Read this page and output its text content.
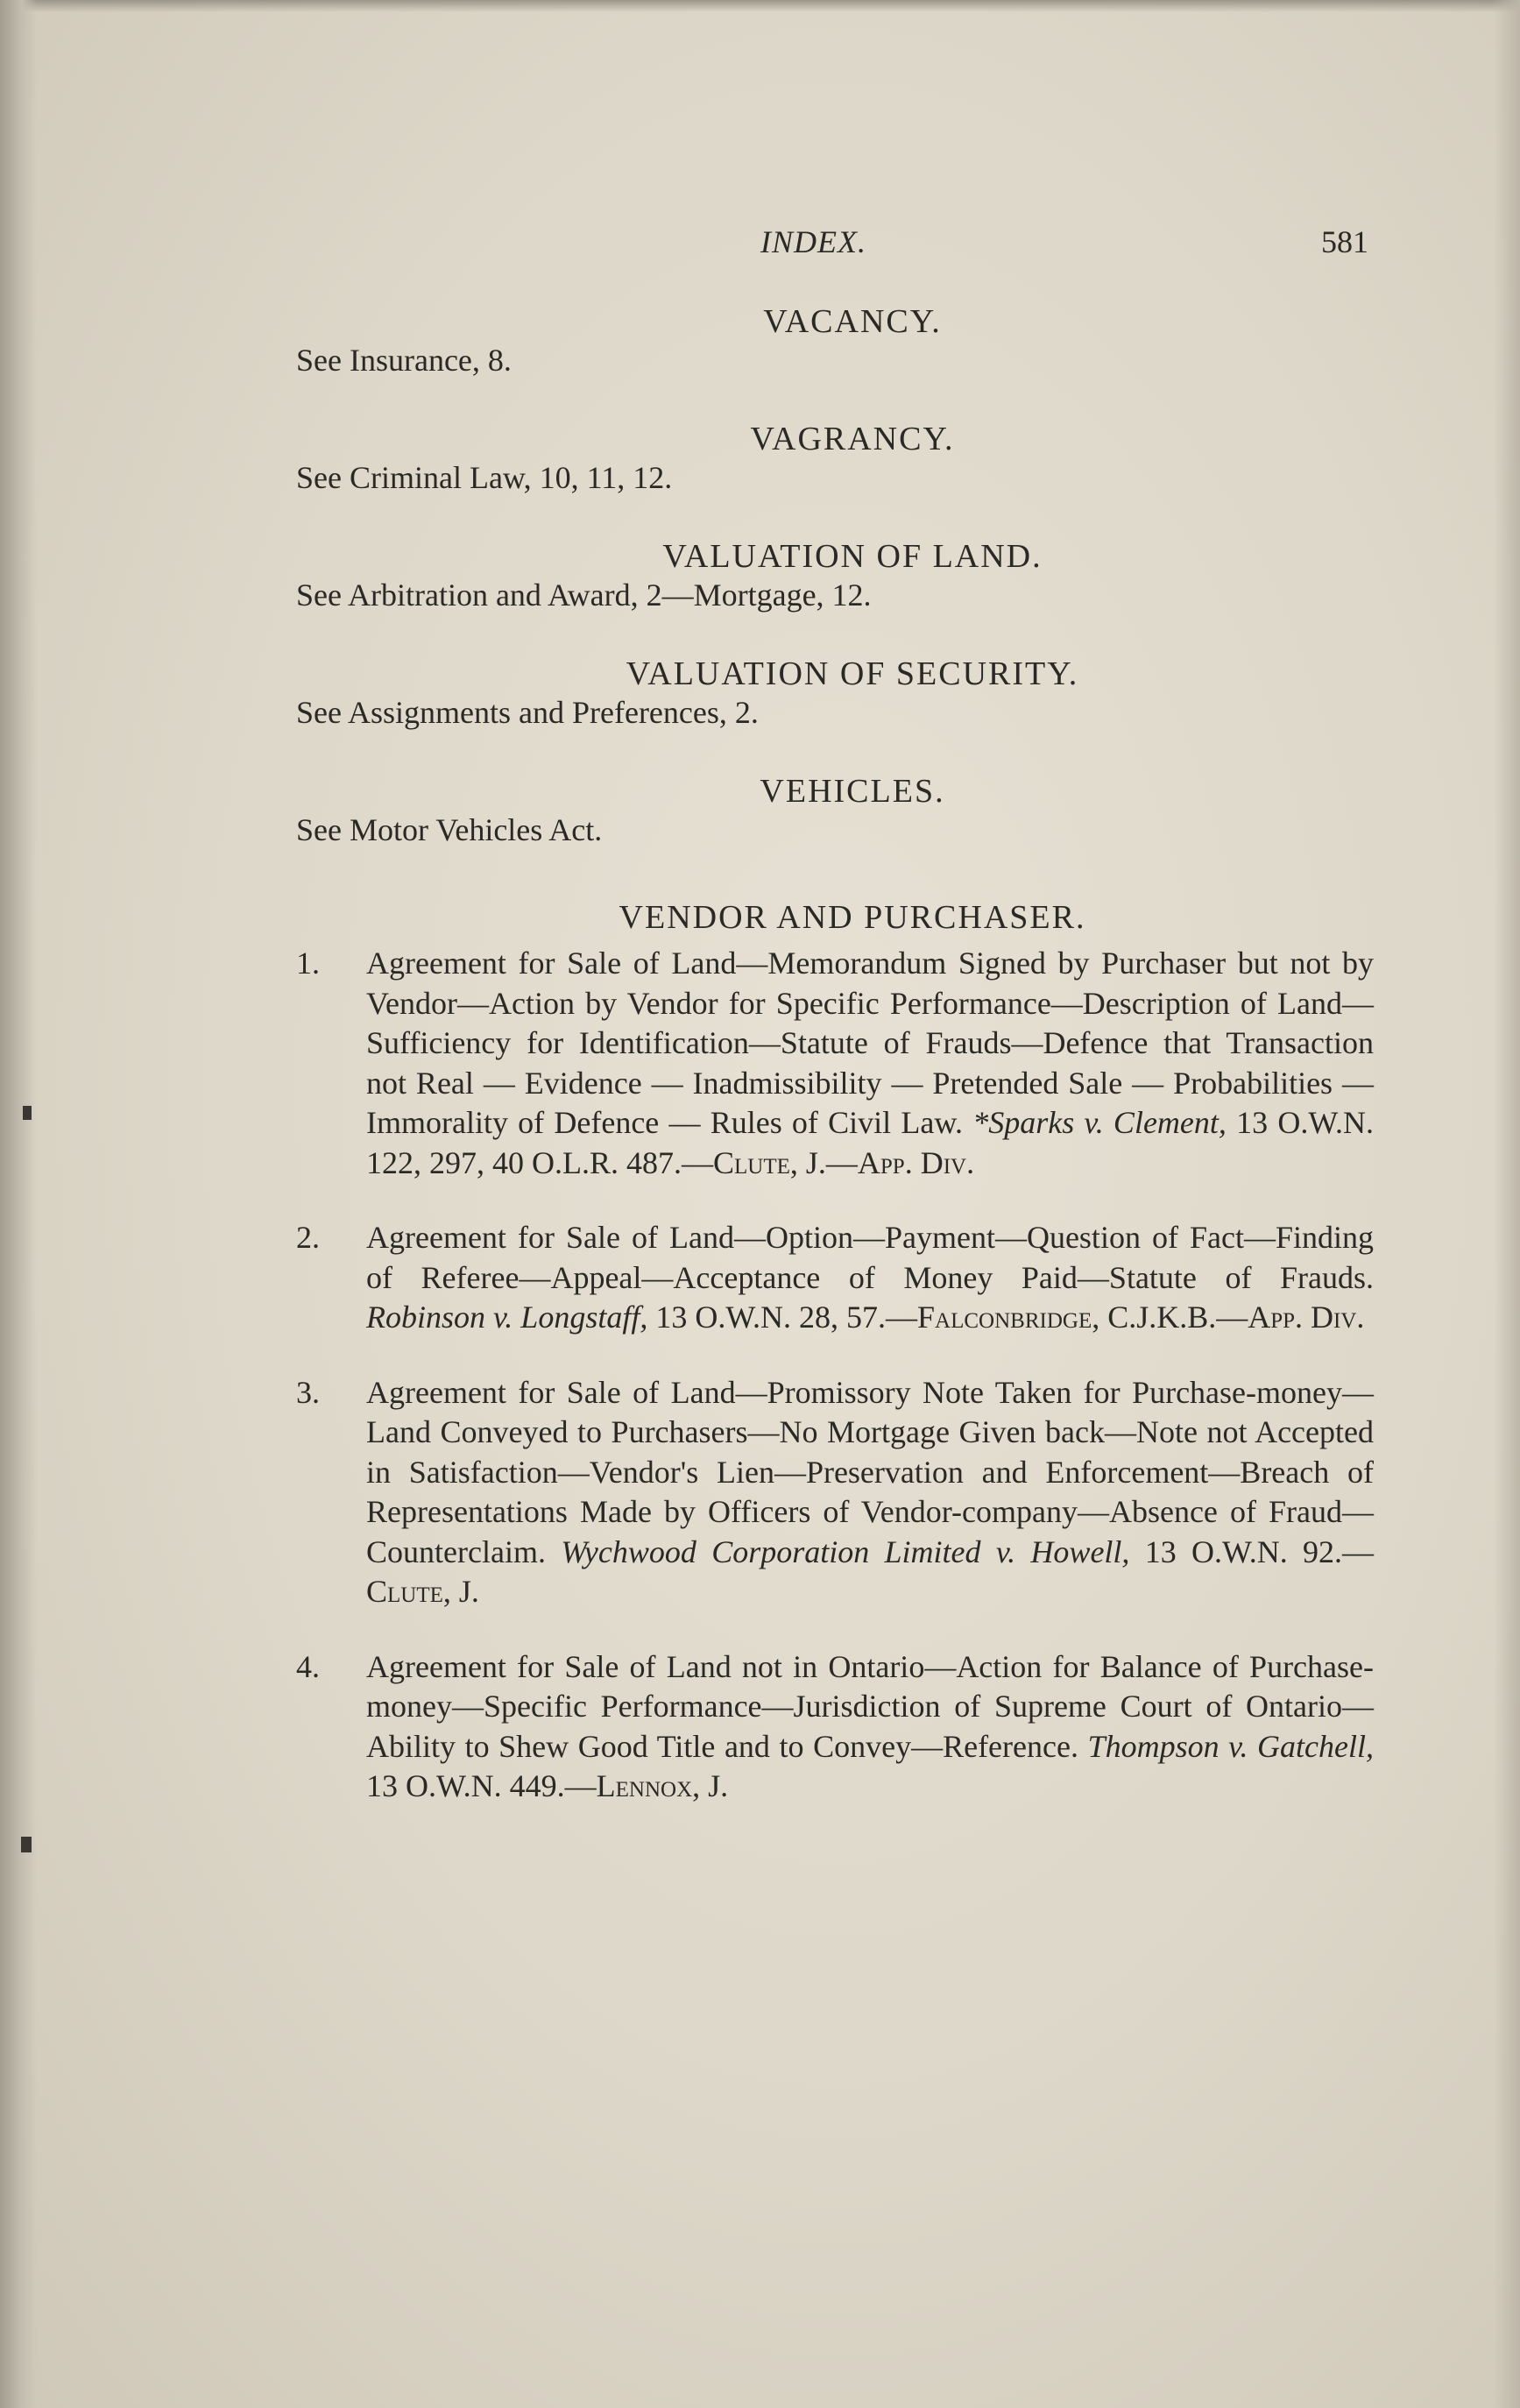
INDEX.	581
VACANCY.
See Insurance, 8.
VAGRANCY.
See Criminal Law, 10, 11, 12.
VALUATION OF LAND.
See Arbitration and Award, 2—Mortgage, 12.
VALUATION OF SECURITY.
See Assignments and Preferences, 2.
VEHICLES.
See Motor Vehicles Act.
VENDOR AND PURCHASER.
1. Agreement for Sale of Land—Memorandum Signed by Purchaser but not by Vendor—Action by Vendor for Specific Performance—Description of Land—Sufficiency for Identification—Statute of Frauds—Defence that Transaction not Real — Evidence — Inadmissibility — Pretended Sale — Probabilities — Immorality of Defence — Rules of Civil Law. *Sparks v. Clement, 13 O.W.N. 122, 297, 40 O.L.R. 487.—Clute, J.—App. Div.
2. Agreement for Sale of Land—Option—Payment—Question of Fact—Finding of Referee—Appeal—Acceptance of Money Paid—Statute of Frauds. Robinson v. Longstaff, 13 O.W.N. 28, 57.—Falconbridge, C.J.K.B.—App. Div.
3. Agreement for Sale of Land—Promissory Note Taken for Purchase-money—Land Conveyed to Purchasers—No Mortgage Given back—Note not Accepted in Satisfaction—Vendor's Lien—Preservation and Enforcement—Breach of Representations Made by Officers of Vendor-company—Absence of Fraud—Counterclaim. Wychwood Corporation Limited v. Howell, 13 O.W.N. 92.—Clute, J.
4. Agreement for Sale of Land not in Ontario—Action for Balance of Purchase-money—Specific Performance—Jurisdiction of Supreme Court of Ontario—Ability to Shew Good Title and to Convey—Reference. Thompson v. Gatchell, 13 O.W.N. 449.—Lennox, J.
